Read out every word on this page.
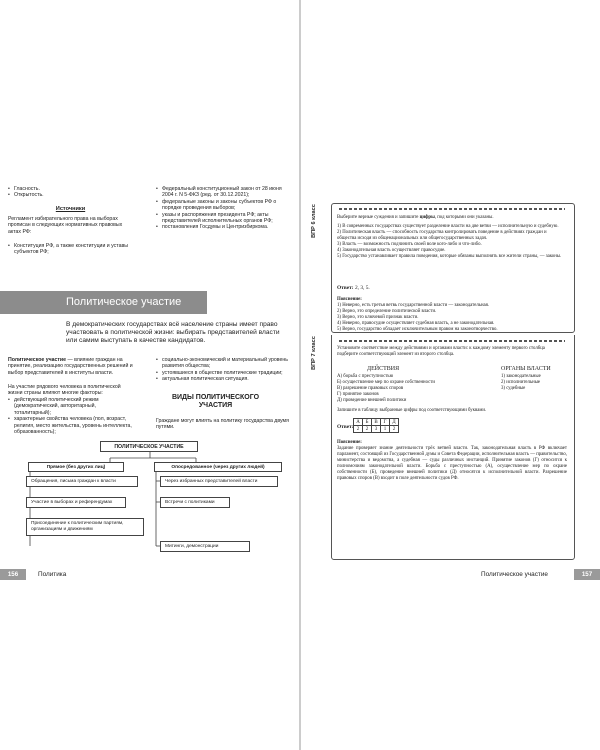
• Гласность.
• Открытость.
Источники
Регламент избирательного права на выборах прописан в следующих нормативных правовых актах РФ:
• Конституция РФ, а также конституции и уставы субъектов РФ;
• Федеральный конституционный закон от 28 июня 2004 г. N 5-ФКЗ (ред. от 30.12.2021);
• федеральные законы и законы субъектов РФ о порядке проведения выборов;
• указы и распоряжения президента РФ; акты представителей исполнительных органов РФ;
• постановления Госдумы и Центризбиркома.
Политическое участие
В демократических государствах всё население страны имеет право участвовать в политической жизни: выбирать представителей власти или самим выступать в качестве кандидатов.
Политическое участие — влияние граждан на принятие, реализацию государственных решений и выбор представителей в институты власти.
На участие рядового человека в политической жизни страны влияют многие факторы:
• действующий политический режим (демократический, авторитарный, тоталитарный);
• характерные свойства человека (пол, возраст, религия, место жительства, уровень интеллекта, образованность);
• социально-экономический и материальный уровень развития общества;
• устоявшиеся в обществе политические традиции;
• актуальная политическая ситуация.
ВИДЫ ПОЛИТИЧЕСКОГО УЧАСТИЯ
Граждане могут влиять на политику государства двумя путями.
ПОЛИТИЧЕСКОЕ УЧАСТИЕ
Прямое (без других лиц)	Опосредованное (через других людей)
Обращения, письма граждан к власти
Участие в выборах и референдумах
Присоединение к политическим партиям, организациям и движениям
Через избранных представителей власти
Встречи с политиками
Митинги, демонстрации
156	Политика
ВПР 6 класс	Выберите верные суждения и запишите цифры, под которыми они указаны.
1) В современных государствах существует разделение власти на две ветви — исполнительную и судебную.
2) Политическая власть — способность государства контролировать поведение в действиях граждан и общества исходя из общенациональных или общегосударственных задач.
3) Власть — возможность подчинить своей воле кого-либо и что-либо.
4) Законодательная власть осуществляет правосудие.
5) Государство устанавливает правила поведения, которые обязаны выполнять все жители страны, — законы.
Ответ: 2, 3, 5.
Пояснение:
1) Неверно, есть третья ветвь государственной власти — законодательная.
2) Верно, это определение политической власти.
3) Верно, это ключевой признак власти.
4) Неверно, правосудие осуществляет судебная власть, а не законодательная.
5) Верно, государство обладает исключительным правом на законотворчество.
ВПР 7 класс	Установите соответствие между действиями и органами власти: к каждому элементу первого столбца подберите соответствующий элемент из второго столбца.
ДЕЙСТВИЯ	ОРГАНЫ ВЛАСТИ
А) борьба с преступностью
Б) осуществление мер по охране собственности
В) разрешение правовых споров
Г) принятие законов
Д) проведение внешней политики
1) законодательные
2) исполнительные
3) судебные
Запишите в таблицу выбранные цифры под соответствующими буквами.
Ответ:
А	Б	В	Г	Д
2	2	3	1	2
Пояснение:
Задание проверяет знание деятельности трёх ветвей власти. Так, законодательная власть в РФ включает парламент, состоящий из Государственной думы и Совета Федерации, исполнительная власть — правительство, министерства и ведомства, а судебная — суды различных инстанций. Принятие законов (Г) относится к полномочиям законодательной власти. Борьба с преступностью (А), осуществление мер по охране собственности (Б), проведение внешней политики (Д) относятся к исполнительной власти. Разрешение правовых споров (В) входит в поле деятельности судов РФ.
Политическое участие	157
